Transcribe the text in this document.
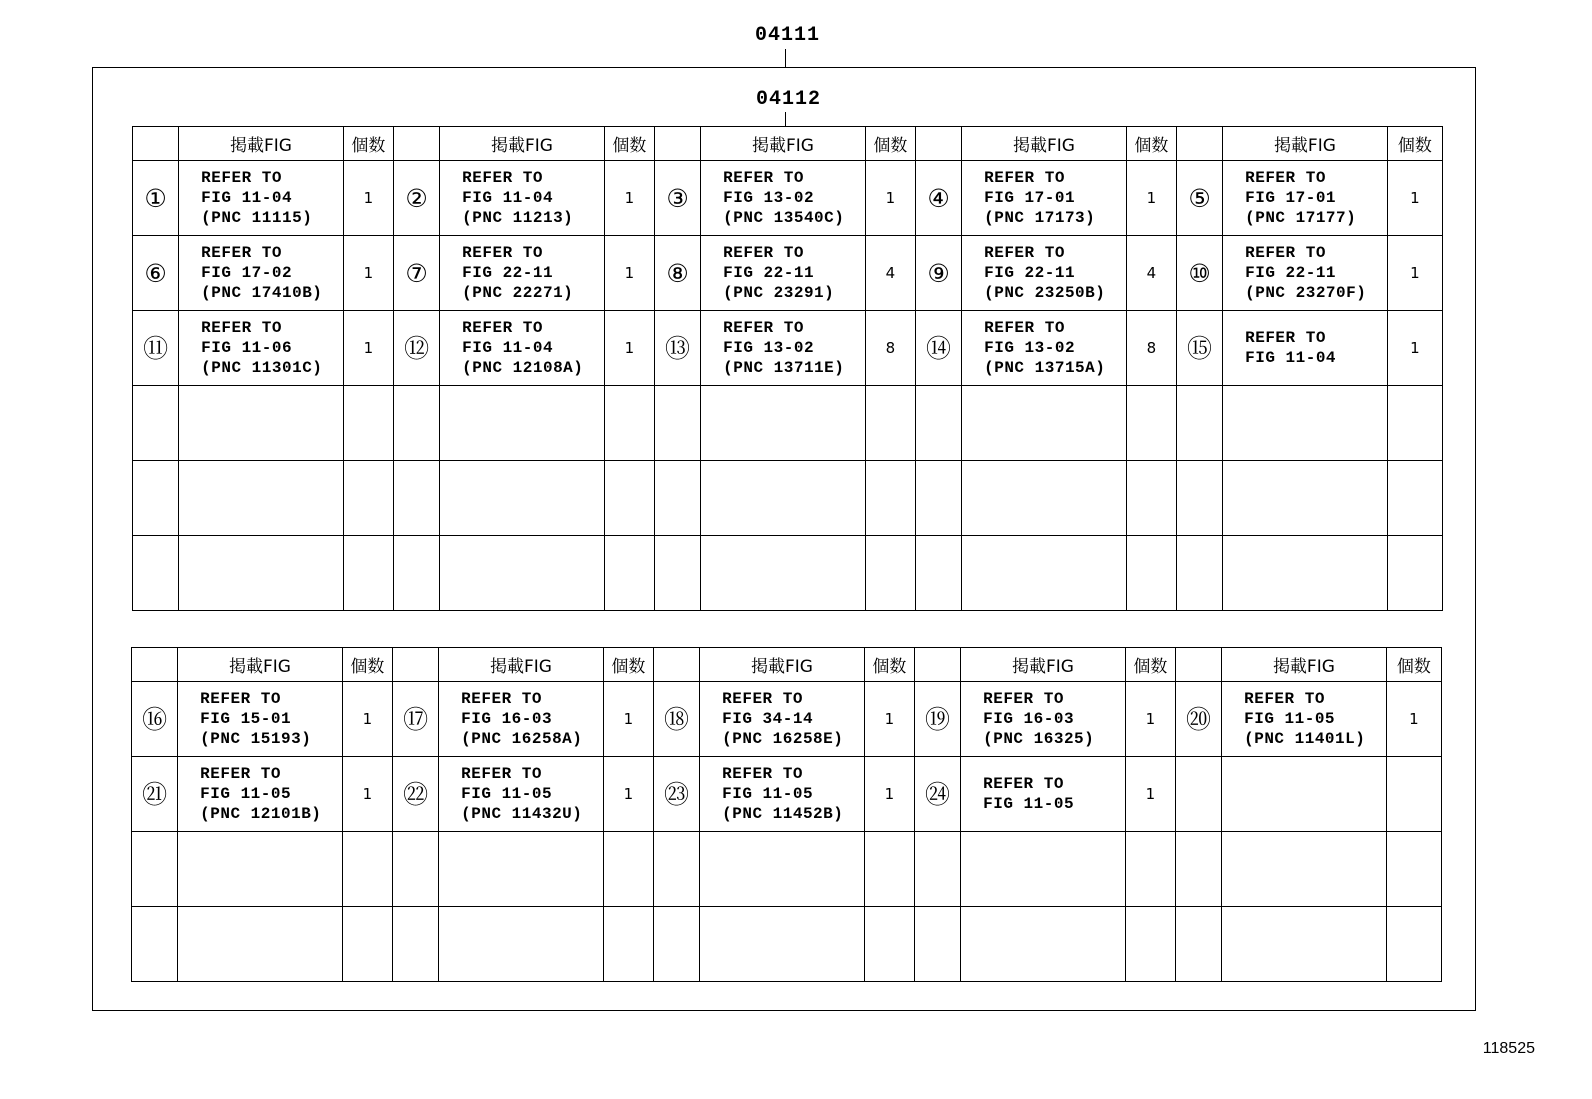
04111
04112
	掲載FIG	個数		掲載FIG	個数		掲載FIG	個数		掲載FIG	個数		掲載FIG	個数
①	REFER TO
FIG 11-04
(PNC 11115)	1	②	REFER TO
FIG 11-04
(PNC 11213)	1	③	REFER TO
FIG 13-02
(PNC 13540C)	1	④	REFER TO
FIG 17-01
(PNC 17173)	1	⑤	REFER TO
FIG 17-01
(PNC 17177)	1
⑥	REFER TO
FIG 17-02
(PNC 17410B)	1	⑦	REFER TO
FIG 22-11
(PNC 22271)	1	⑧	REFER TO
FIG 22-11
(PNC 23291)	4	⑨	REFER TO
FIG 22-11
(PNC 23250B)	4	⑩	REFER TO
FIG 22-11
(PNC 23270F)	1
⑪	REFER TO
FIG 11-06
(PNC 11301C)	1	⑫	REFER TO
FIG 11-04
(PNC 12108A)	1	⑬	REFER TO
FIG 13-02
(PNC 13711E)	8	⑭	REFER TO
FIG 13-02
(PNC 13715A)	8	⑮	REFER TO
FIG 11-04	1

	掲載FIG	個数		掲載FIG	個数		掲載FIG	個数		掲載FIG	個数		掲載FIG	個数
⑯	REFER TO
FIG 15-01
(PNC 15193)	1	⑰	REFER TO
FIG 16-03
(PNC 16258A)	1	⑱	REFER TO
FIG 34-14
(PNC 16258E)	1	⑲	REFER TO
FIG 16-03
(PNC 16325)	1	⑳	REFER TO
FIG 11-05
(PNC 11401L)	1
㉑	REFER TO
FIG 11-05
(PNC 12101B)	1	㉒	REFER TO
FIG 11-05
(PNC 11432U)	1	㉓	REFER TO
FIG 11-05
(PNC 11452B)	1	㉔	REFER TO
FIG 11-05	1			

118525
